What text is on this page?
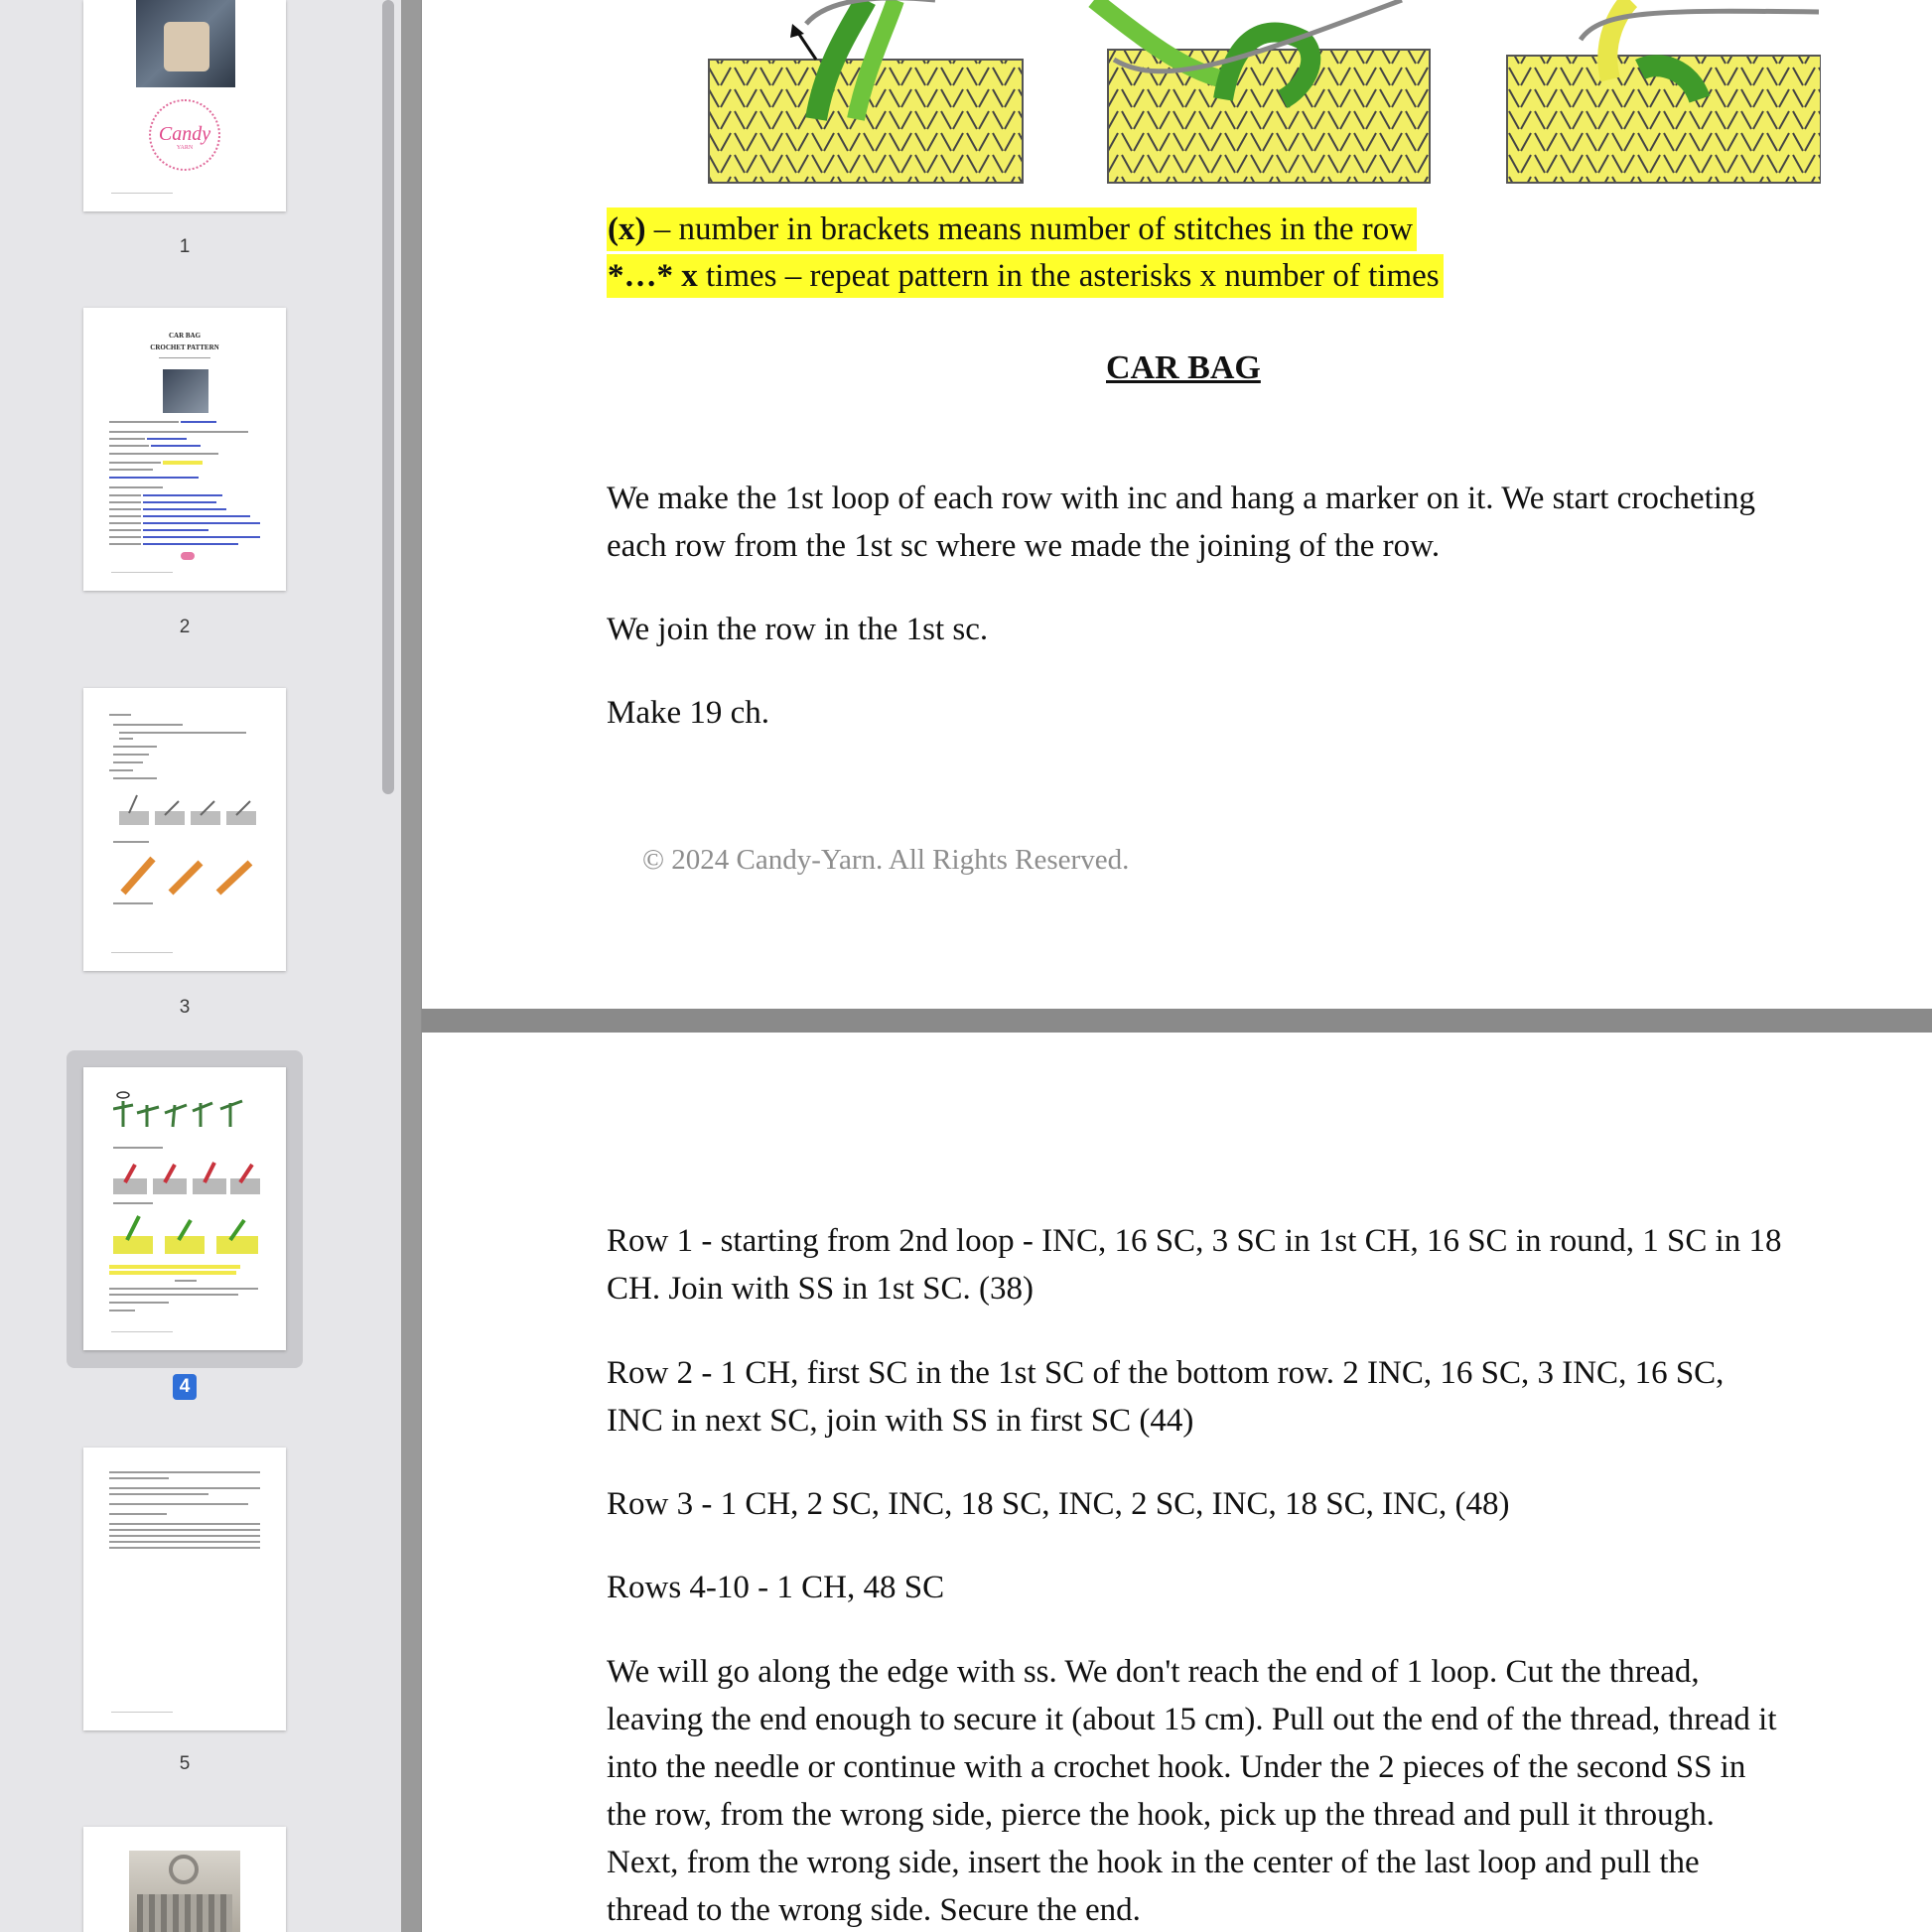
Candy
YARN
1
CAR BAG
CROCHET PATTERN
2
3
4
5
(x) – number in brackets means number of stitches in the row
*…* x times – repeat pattern in the asterisks x number of times
CAR BAG
We make the 1st loop of each row with inc and hang a marker on it. We start crocheting each row from the 1st sc where we made the joining of the row.
We join the row in the 1st sc.
Make 19 ch.
© 2024 Candy-Yarn. All Rights Reserved.
Row 1 - starting from 2nd loop - INC, 16 SC, 3 SC in 1st CH, 16 SC in round, 1 SC in 18 CH. Join with SS in 1st SC. (38)
Row 2 - 1 CH, first SC in the 1st SC of the bottom row. 2 INC, 16 SC, 3 INC, 16 SC, INC in next SC, join with SS in first SC (44)
Row 3 - 1 CH, 2 SC, INC, 18 SC, INC, 2 SC, INC, 18 SC, INC, (48)
Rows 4-10 - 1 CH, 48 SC
We will go along the edge with ss. We don't reach the end of 1 loop. Cut the thread, leaving the end enough to secure it (about 15 cm). Pull out the end of the thread, thread it into the needle or continue with a crochet hook. Under the 2 pieces of the second SS in the row, from the wrong side, pierce the hook, pick up the thread and pull it through. Next, from the wrong side, insert the hook in the center of the last loop and pull the thread to the wrong side. Secure the end.
